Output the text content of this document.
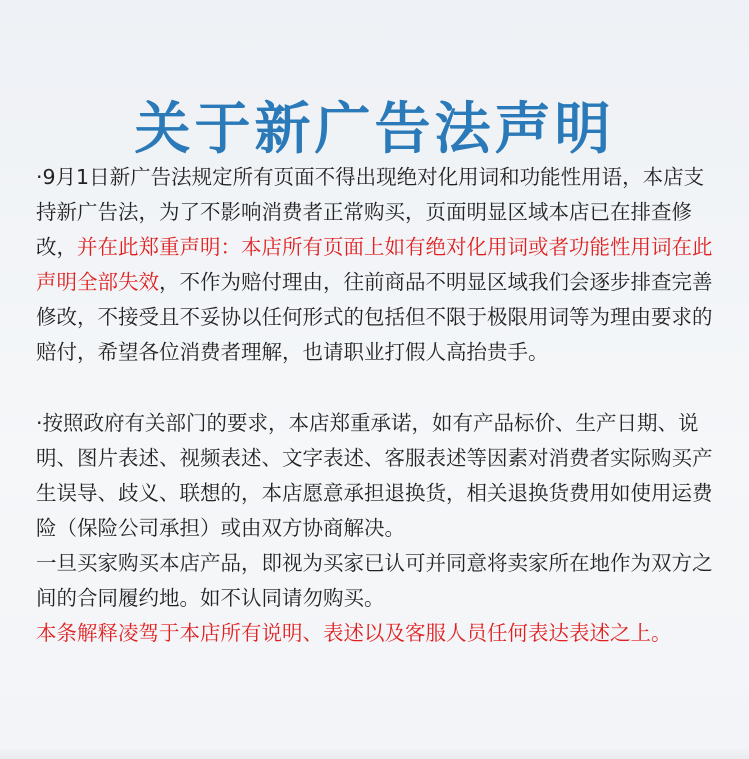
关于新广告法声明

·9月1日新广告法规定所有页面不得出现绝对化用词和功能性用语，本店支持新广告法，为了不影响消费者正常购买，页面明显区域本店已在排查修改，并在此郑重声明：本店所有页面上如有绝对化用词或者功能性用词在此声明全部失效，不作为赔付理由，往前商品不明显区域我们会逐步排查完善修改，不接受且不妥协以任何形式的包括但不限于极限用词等为理由要求的赔付，希望各位消费者理解，也请职业打假人高抬贵手。

·按照政府有关部门的要求，本店郑重承诺，如有产品标价、生产日期、说明、图片表述、视频表述、文字表述、客服表述等因素对消费者实际购买产生误导、歧义、联想的，本店愿意承担退换货，相关退换货费用如使用运费险（保险公司承担）或由双方协商解决。

一旦买家购买本店产品，即视为买家已认可并同意将卖家所在地作为双方之间的合同履约地。如不认同请勿购买。

本条解释凌驾于本店所有说明、表述以及客服人员任何表达表述之上。
